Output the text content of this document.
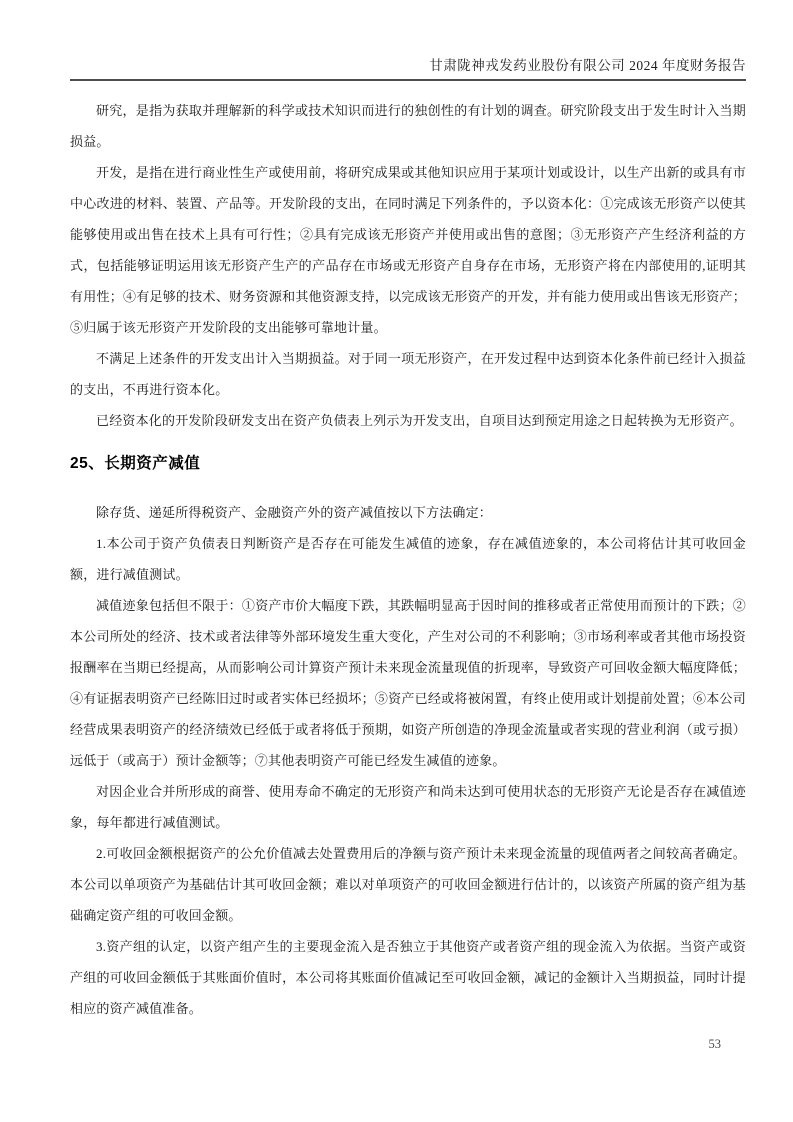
甘肃陇神戎发药业股份有限公司 2024 年度财务报告

研究，是指为获取并理解新的科学或技术知识而进行的独创性的有计划的调查。研究阶段支出于发生时计入当期损益。

开发，是指在进行商业性生产或使用前，将研究成果或其他知识应用于某项计划或设计，以生产出新的或具有市中心改进的材料、装置、产品等。开发阶段的支出，在同时满足下列条件的，予以资本化：①完成该无形资产以使其能够使用或出售在技术上具有可行性；②具有完成该无形资产并使用或出售的意图；③无形资产产生经济利益的方式，包括能够证明运用该无形资产生产的产品存在市场或无形资产自身存在市场，无形资产将在内部使用的,证明其有用性；④有足够的技术、财务资源和其他资源支持，以完成该无形资产的开发，并有能力使用或出售该无形资产；⑤归属于该无形资产开发阶段的支出能够可靠地计量。

不满足上述条件的开发支出计入当期损益。对于同一项无形资产，在开发过程中达到资本化条件前已经计入损益的支出，不再进行资本化。

已经资本化的开发阶段研发支出在资产负债表上列示为开发支出，自项目达到预定用途之日起转换为无形资产。

25、长期资产减值

除存货、递延所得税资产、金融资产外的资产减值按以下方法确定：

1.本公司于资产负债表日判断资产是否存在可能发生减值的迹象，存在减值迹象的，本公司将估计其可收回金额，进行减值测试。

减值迹象包括但不限于：①资产市价大幅度下跌，其跌幅明显高于因时间的推移或者正常使用而预计的下跌；②本公司所处的经济、技术或者法律等外部环境发生重大变化，产生对公司的不利影响；③市场利率或者其他市场投资报酬率在当期已经提高，从而影响公司计算资产预计未来现金流量现值的折现率，导致资产可回收金额大幅度降低；④有证据表明资产已经陈旧过时或者实体已经损坏；⑤资产已经或将被闲置，有终止使用或计划提前处置；⑥本公司经营成果表明资产的经济绩效已经低于或者将低于预期，如资产所创造的净现金流量或者实现的营业利润（或亏损）远低于（或高于）预计金额等；⑦其他表明资产可能已经发生减值的迹象。

对因企业合并所形成的商誉、使用寿命不确定的无形资产和尚未达到可使用状态的无形资产无论是否存在减值迹象，每年都进行减值测试。

2.可收回金额根据资产的公允价值减去处置费用后的净额与资产预计未来现金流量的现值两者之间较高者确定。本公司以单项资产为基础估计其可收回金额；难以对单项资产的可收回金额进行估计的，以该资产所属的资产组为基础确定资产组的可收回金额。

3.资产组的认定，以资产组产生的主要现金流入是否独立于其他资产或者资产组的现金流入为依据。当资产或资产组的可收回金额低于其账面价值时，本公司将其账面价值减记至可收回金额，减记的金额计入当期损益，同时计提相应的资产减值准备。

53
